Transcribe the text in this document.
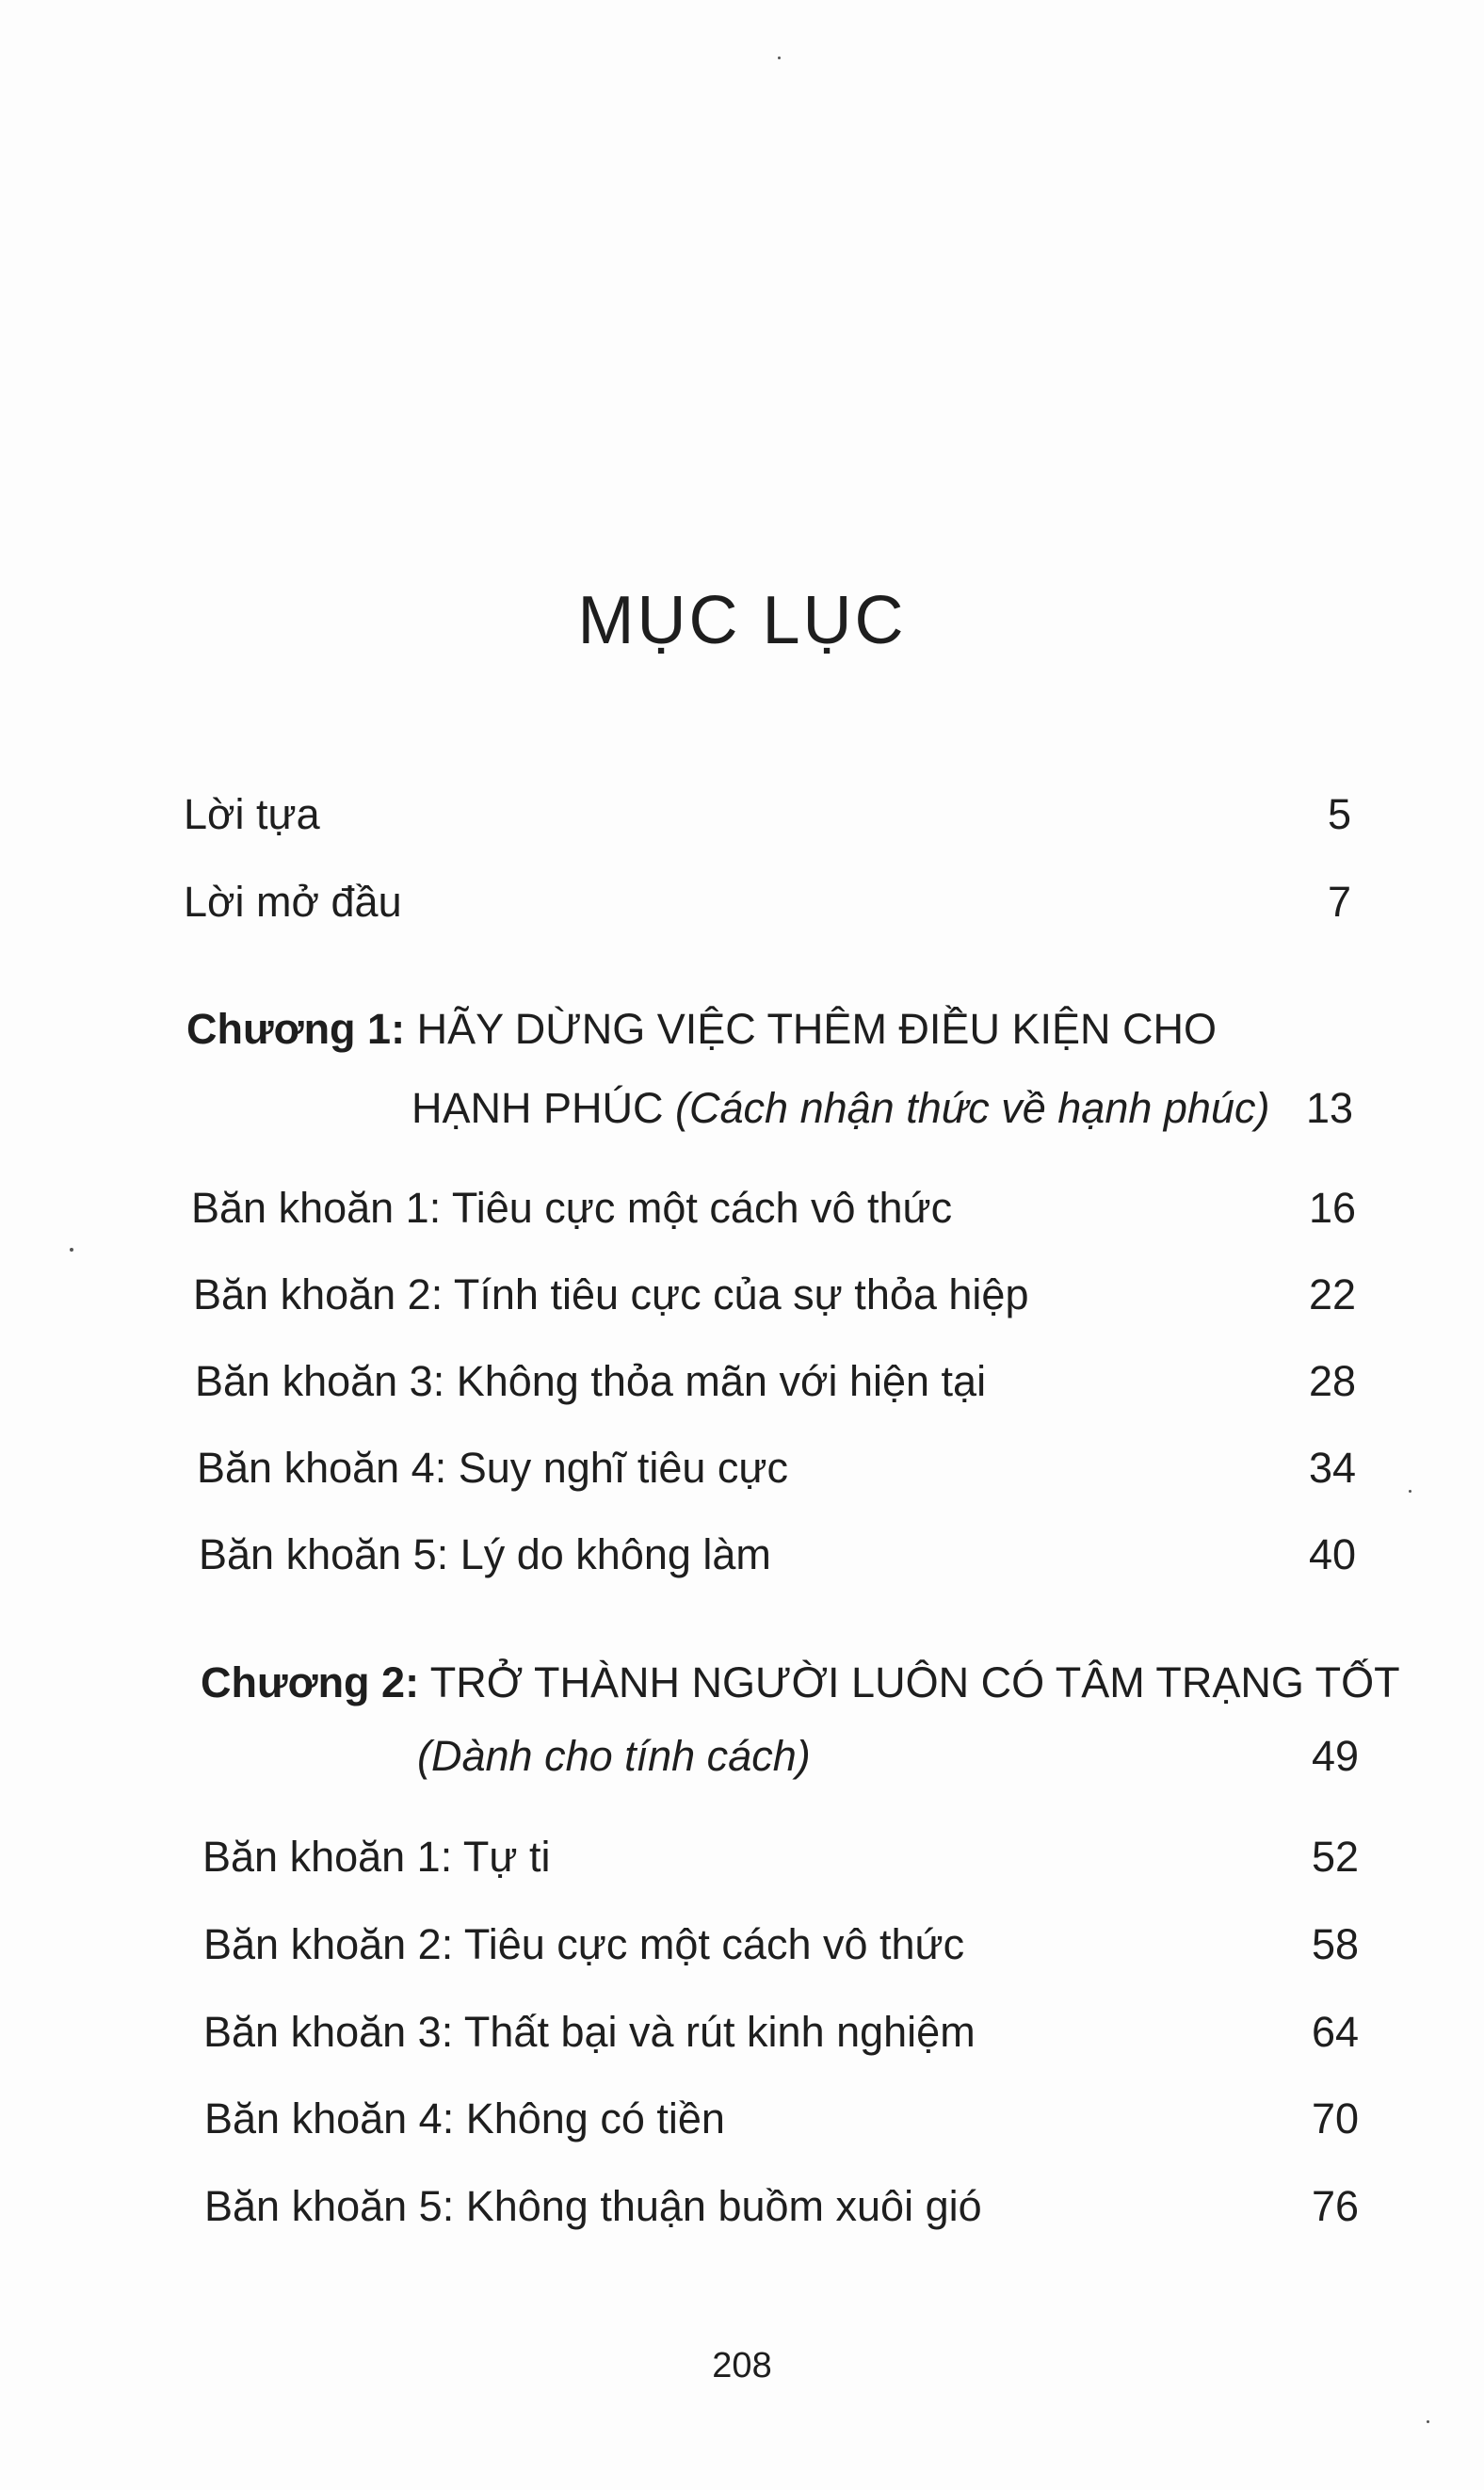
MỤC LỤC
Lời tựa	5
Lời mở đầu	7
Chương 1: HÃY DỪNG VIỆC THÊM ĐIỀU KIỆN CHO
HẠNH PHÚC (Cách nhận thức về hạnh phúc) 13
Băn khoăn 1: Tiêu cực một cách vô thức	16
Băn khoăn 2: Tính tiêu cực của sự thỏa hiệp	22
Băn khoăn 3: Không thỏa mãn với hiện tại	28
Băn khoăn 4: Suy nghĩ tiêu cực	34
Băn khoăn 5: Lý do không làm	40
Chương 2: TRỞ THÀNH NGƯỜI LUÔN CÓ TÂM TRẠNG TỐT
(Dành cho tính cách)	49
Băn khoăn 1: Tự ti	52
Băn khoăn 2: Tiêu cực một cách vô thức	58
Băn khoăn 3: Thất bại và rút kinh nghiệm	64
Băn khoăn 4: Không có tiền	70
Băn khoăn 5: Không thuận buồm xuôi gió	76
208
